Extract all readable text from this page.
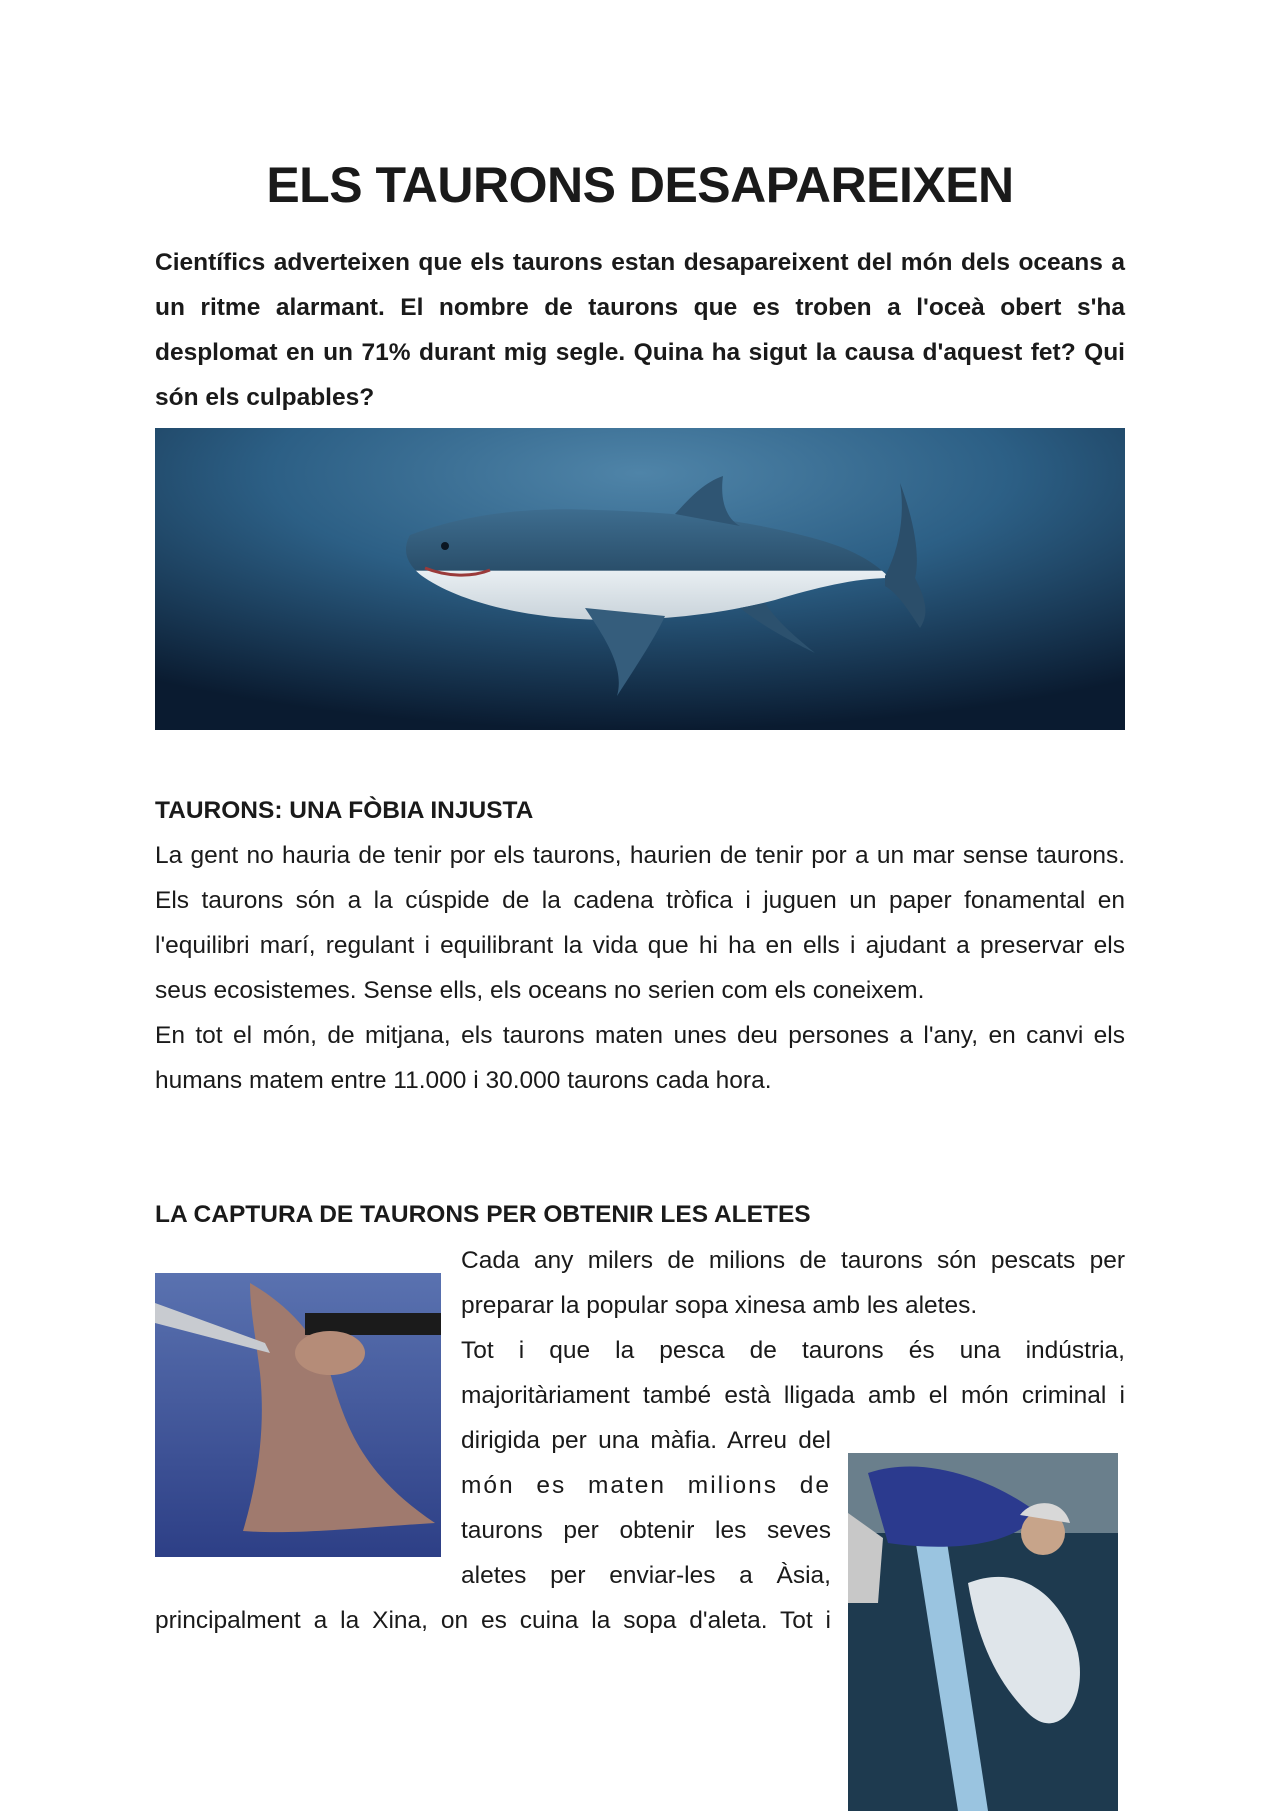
ELS TAURONS DESAPAREIXEN

Científics adverteixen que els taurons estan desapareixent del món dels oceans a un ritme alarmant. El nombre de taurons que es troben a l'oceà obert s'ha desplomat en un 71% durant mig segle. Quina ha sigut la causa d'aquest fet? Qui són els culpables?

TAURONS: UNA FÒBIA INJUSTA

La gent no hauria de tenir por els taurons, haurien de tenir por a un mar sense taurons. Els taurons són a la cúspide de la cadena tròfica i juguen un paper fonamental en l'equilibri marí, regulant i equilibrant la vida que hi ha en ells i ajudant a preservar els seus ecosistemes. Sense ells, els oceans no serien com els coneixem.

En tot el món, de mitjana, els taurons maten unes deu persones a l'any, en canvi els humans matem entre 11.000 i 30.000 taurons cada hora.

LA CAPTURA DE TAURONS PER OBTENIR LES ALETES

Cada any milers de milions de taurons són pescats per

preparar la popular sopa xinesa amb les aletes.

Tot i que la pesca de taurons és una indústria,

majoritàriament també està lligada amb el món criminal i

dirigida per una màfia. Arreu del

món es maten milions de

taurons per obtenir les seves

aletes per enviar-les a Àsia,

principalment a la Xina, on es cuina la sopa d'aleta. Tot i
